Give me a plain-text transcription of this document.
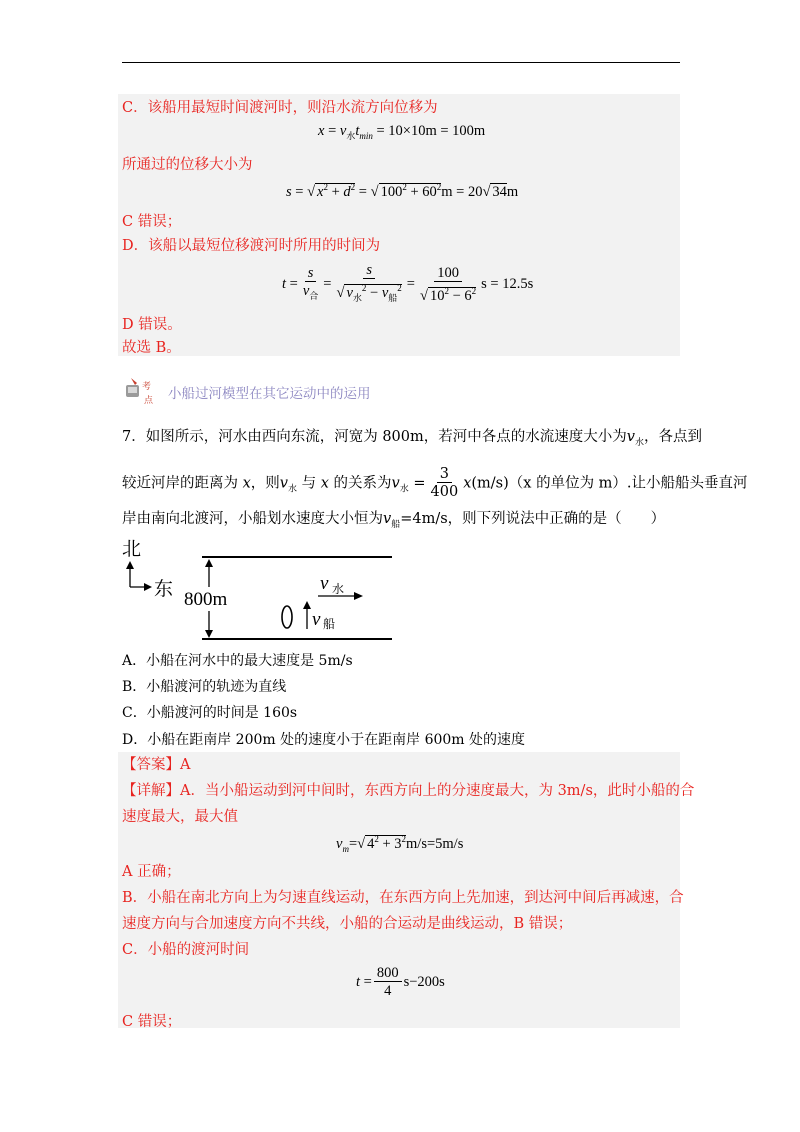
C．该船用最短时间渡河时，则沿水流方向位移为
$x = v_水t_{min} = 10\times 10m = 100m$
所通过的位移大小为
s = √ $x^2 + d^2$ = √ $100^2 + 60^2m = 20√$ 34m
C 错误；
D．该船以最短位移渡河时所用的时间为
$t = \frac{s}{v_合} = \frac{s}{√ v_水^2 - v_船^2} = \frac{100}{√ 10^2 - 6^2}$ s = 12.5s
D 错误。
故选 B。
考
点 小船过河模型在其它运动中的运用
7．如图所示，河水由西向东流，河宽为 800m，若河中各点的水流速度大小为$v_水$，各点到
较近河岸的距离为 x，则$v_水$ 与 x 的关系为$v_水 = \frac{3}{400} x(m/s)(x$ 的单位为 m）.让小船船头垂直河
岸由南向北渡河，小船划水速度大小恒为$v_船=4m/s$，则下列说法中正确的是（　　）
北
东 800m
v 水
v 船
A．小船在河水中的最大速度是 5m/s
B．小船渡河的轨迹为直线
C．小船渡河的时间是 160s
D．小船在距南岸 200m 处的速度小于在距南岸 600m 处的速度
【答案】A
【详解】A．当小船运动到河中间时，东西方向上的分速度最大，为 3m/s，此时小船的合
速度最大，最大值
$v_m=√$ $4^2 + 3^2m/s=5m/s$
A 正确；
B．小船在南北方向上为匀速直线运动，在东西方向上先加速，到达河中间后再减速，合
速度方向与合加速度方向不共线，小船的合运动是曲线运动，B 错误；
C．小船的渡河时间
$t = \frac{800}{4} s-200s$
C 错误；
